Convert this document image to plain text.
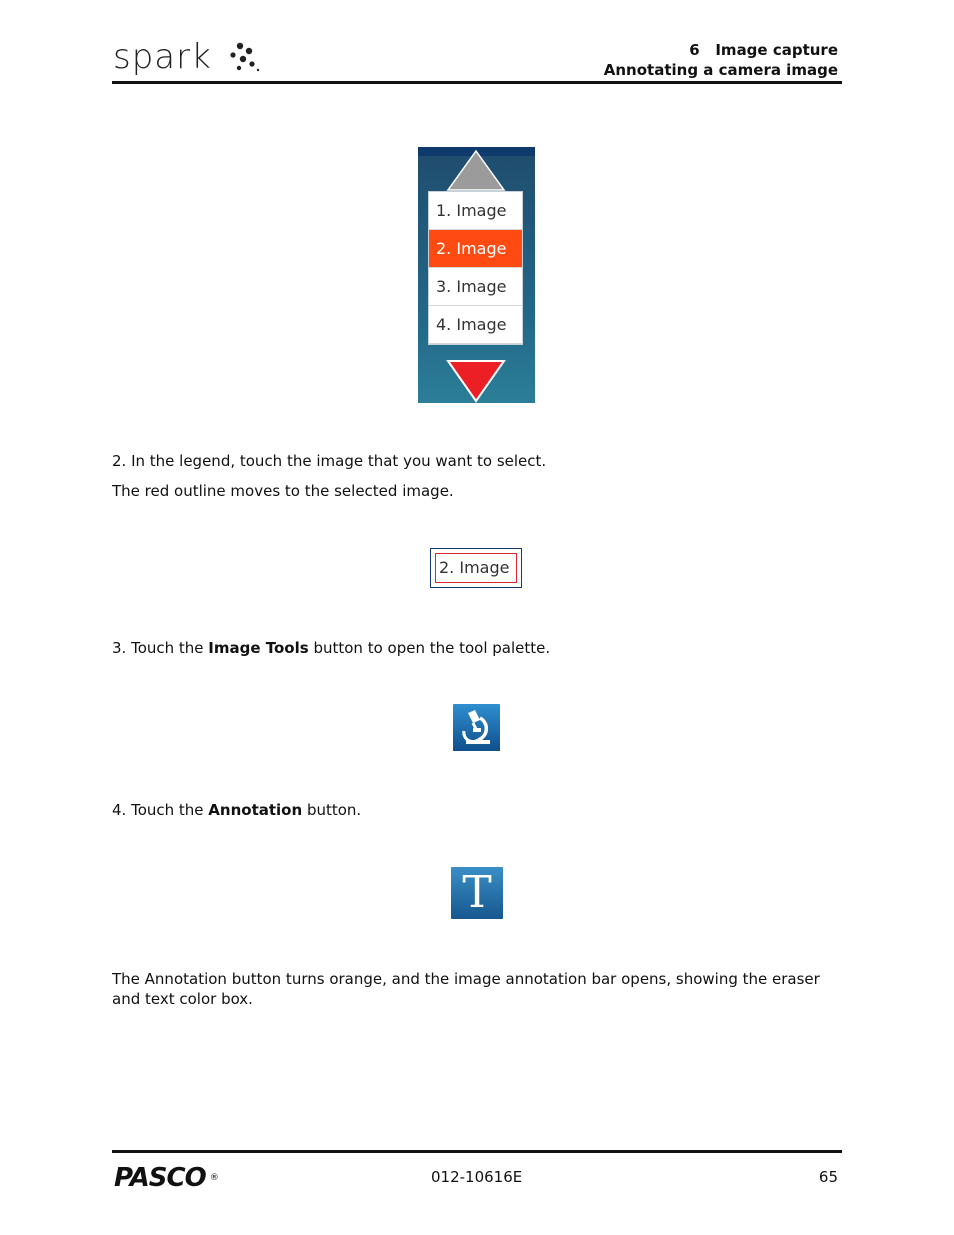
spark	6   Image capture
Annotating a camera image
1. Image
2. Image
3. Image
4. Image
2. In the legend, touch the image that you want to select.
The red outline moves to the selected image.
2. Image
3. Touch the Image Tools button to open the tool palette.
4. Touch the Annotation button.
T
The Annotation button turns orange, and the image annotation bar opens, showing the eraser and text color box.
PASCO ®	012-10616E	65
